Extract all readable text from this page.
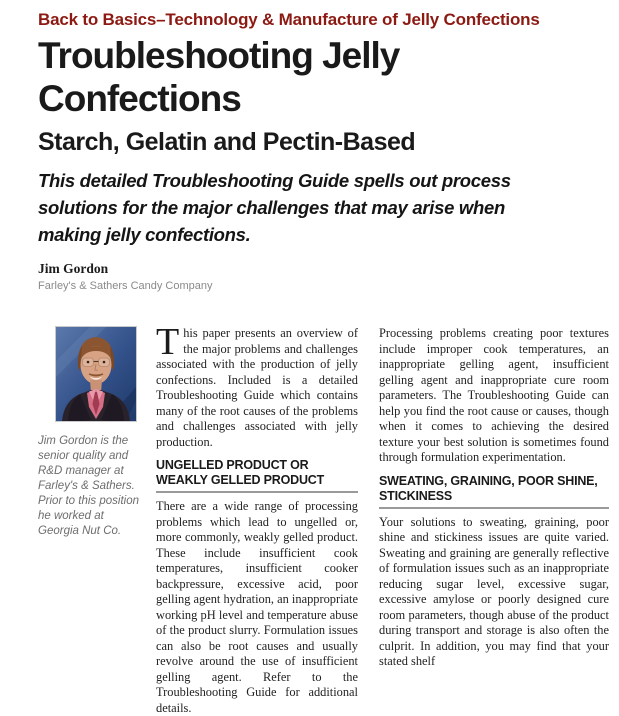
Back to Basics–Technology & Manufacture of Jelly Confections
Troubleshooting Jelly
Confections
Starch, Gelatin and Pectin-Based

This detailed Troubleshooting Guide spells out process solutions for the major challenges that may arise when making jelly confections.

Jim Gordon
Farley's & Sathers Candy Company

Jim Gordon is the senior quality and R&D manager at Farley's & Sathers. Prior to this position he worked at Georgia Nut Co.

This paper presents an overview of the major problems and challenges associated with the production of jelly confections. Included is a detailed Troubleshooting Guide which contains many of the root causes of the problems and challenges associated with jelly production.

UNGELLED PRODUCT OR WEAKLY GELLED PRODUCT

There are a wide range of processing problems which lead to ungelled or, more commonly, weakly gelled product. These include insufficient cook temperatures, insufficient cooker backpressure, excessive acid, poor gelling agent hydration, an inappropriate working pH level and temperature abuse of the product slurry. Formulation issues can also be root causes and usually revolve around the use of insufficient gelling agent. Refer to the Troubleshooting Guide for additional details.

Processing problems creating poor textures include improper cook temperatures, an inappropriate gelling agent, insufficient gelling agent and inappropriate cure room parameters. The Troubleshooting Guide can help you find the root cause or causes, though when it comes to achieving the desired texture your best solution is sometimes found through formulation experimentation.

SWEATING, GRAINING, POOR SHINE, STICKINESS

Your solutions to sweating, graining, poor shine and stickiness issues are quite varied. Sweating and graining are generally reflective of formulation issues such as an inappropriate reducing sugar level, excessive sugar, excessive amylose or poorly designed cure room parameters, though abuse of the product during transport and storage is also often the culprit. In addition, you may find that your stated shelf
